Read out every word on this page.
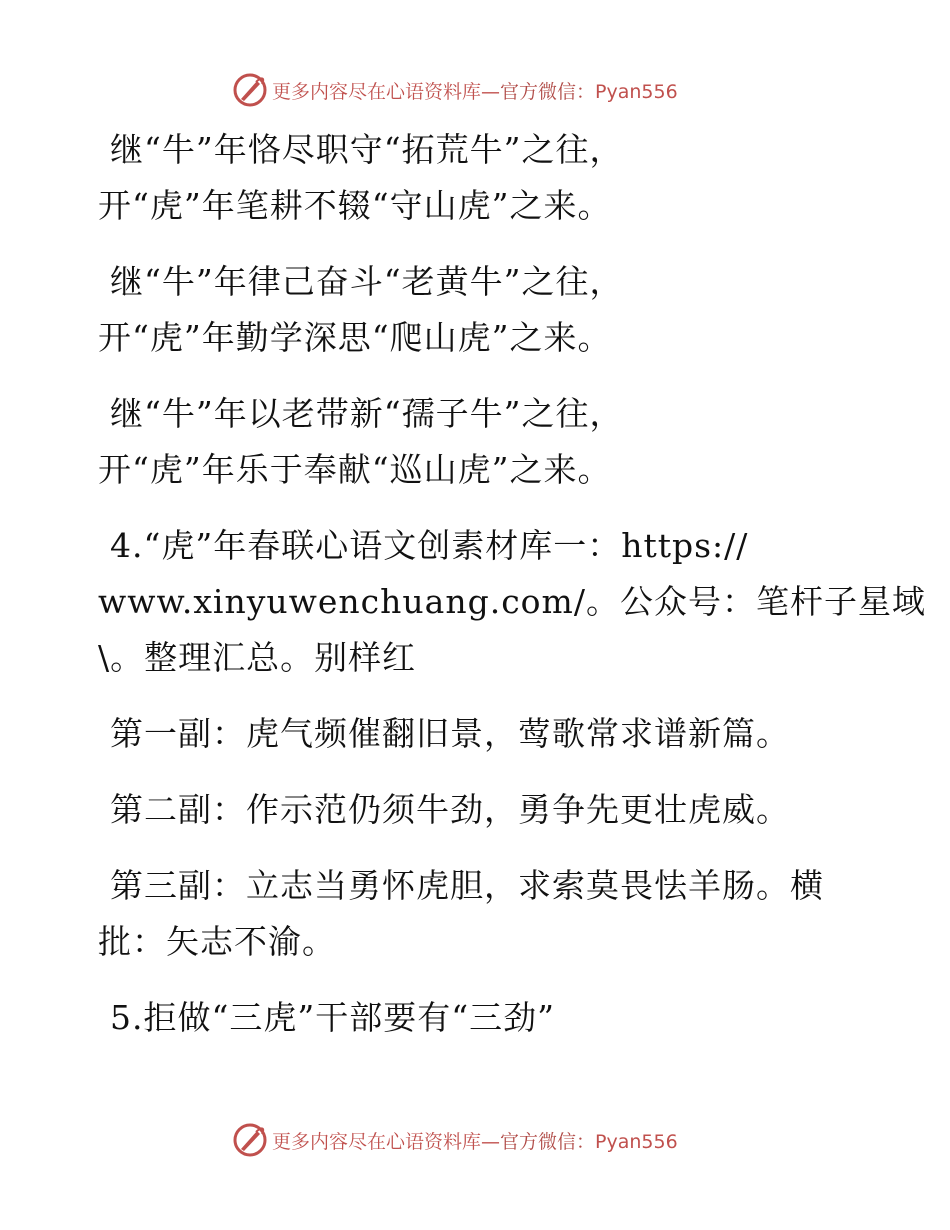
更多内容尽在心语资料库—官方微信：Pyan556
继“牛”年恪尽职守“拓荒牛”之往，
开“虎”年笔耕不辍“守山虎”之来。
继“牛”年律己奋斗“老黄牛”之往，
开“虎”年勤学深思“爬山虎”之来。
继“牛”年以老带新“孺子牛”之往，
开“虎”年乐于奉献“巡山虎”之来。
4.“虎”年春联心语文创素材库一：https://
www.xinyuwenchuang.com/。公众号：笔杆子星域
\。整理汇总。别样红
第一副：虎气频催翻旧景，莺歌常求谱新篇。
第二副：作示范仍须牛劲，勇争先更壮虎威。
第三副：立志当勇怀虎胆，求索莫畏怯羊肠。横
批：矢志不渝。
5.拒做“三虎”干部要有“三劲”
更多内容尽在心语资料库—官方微信：Pyan556
